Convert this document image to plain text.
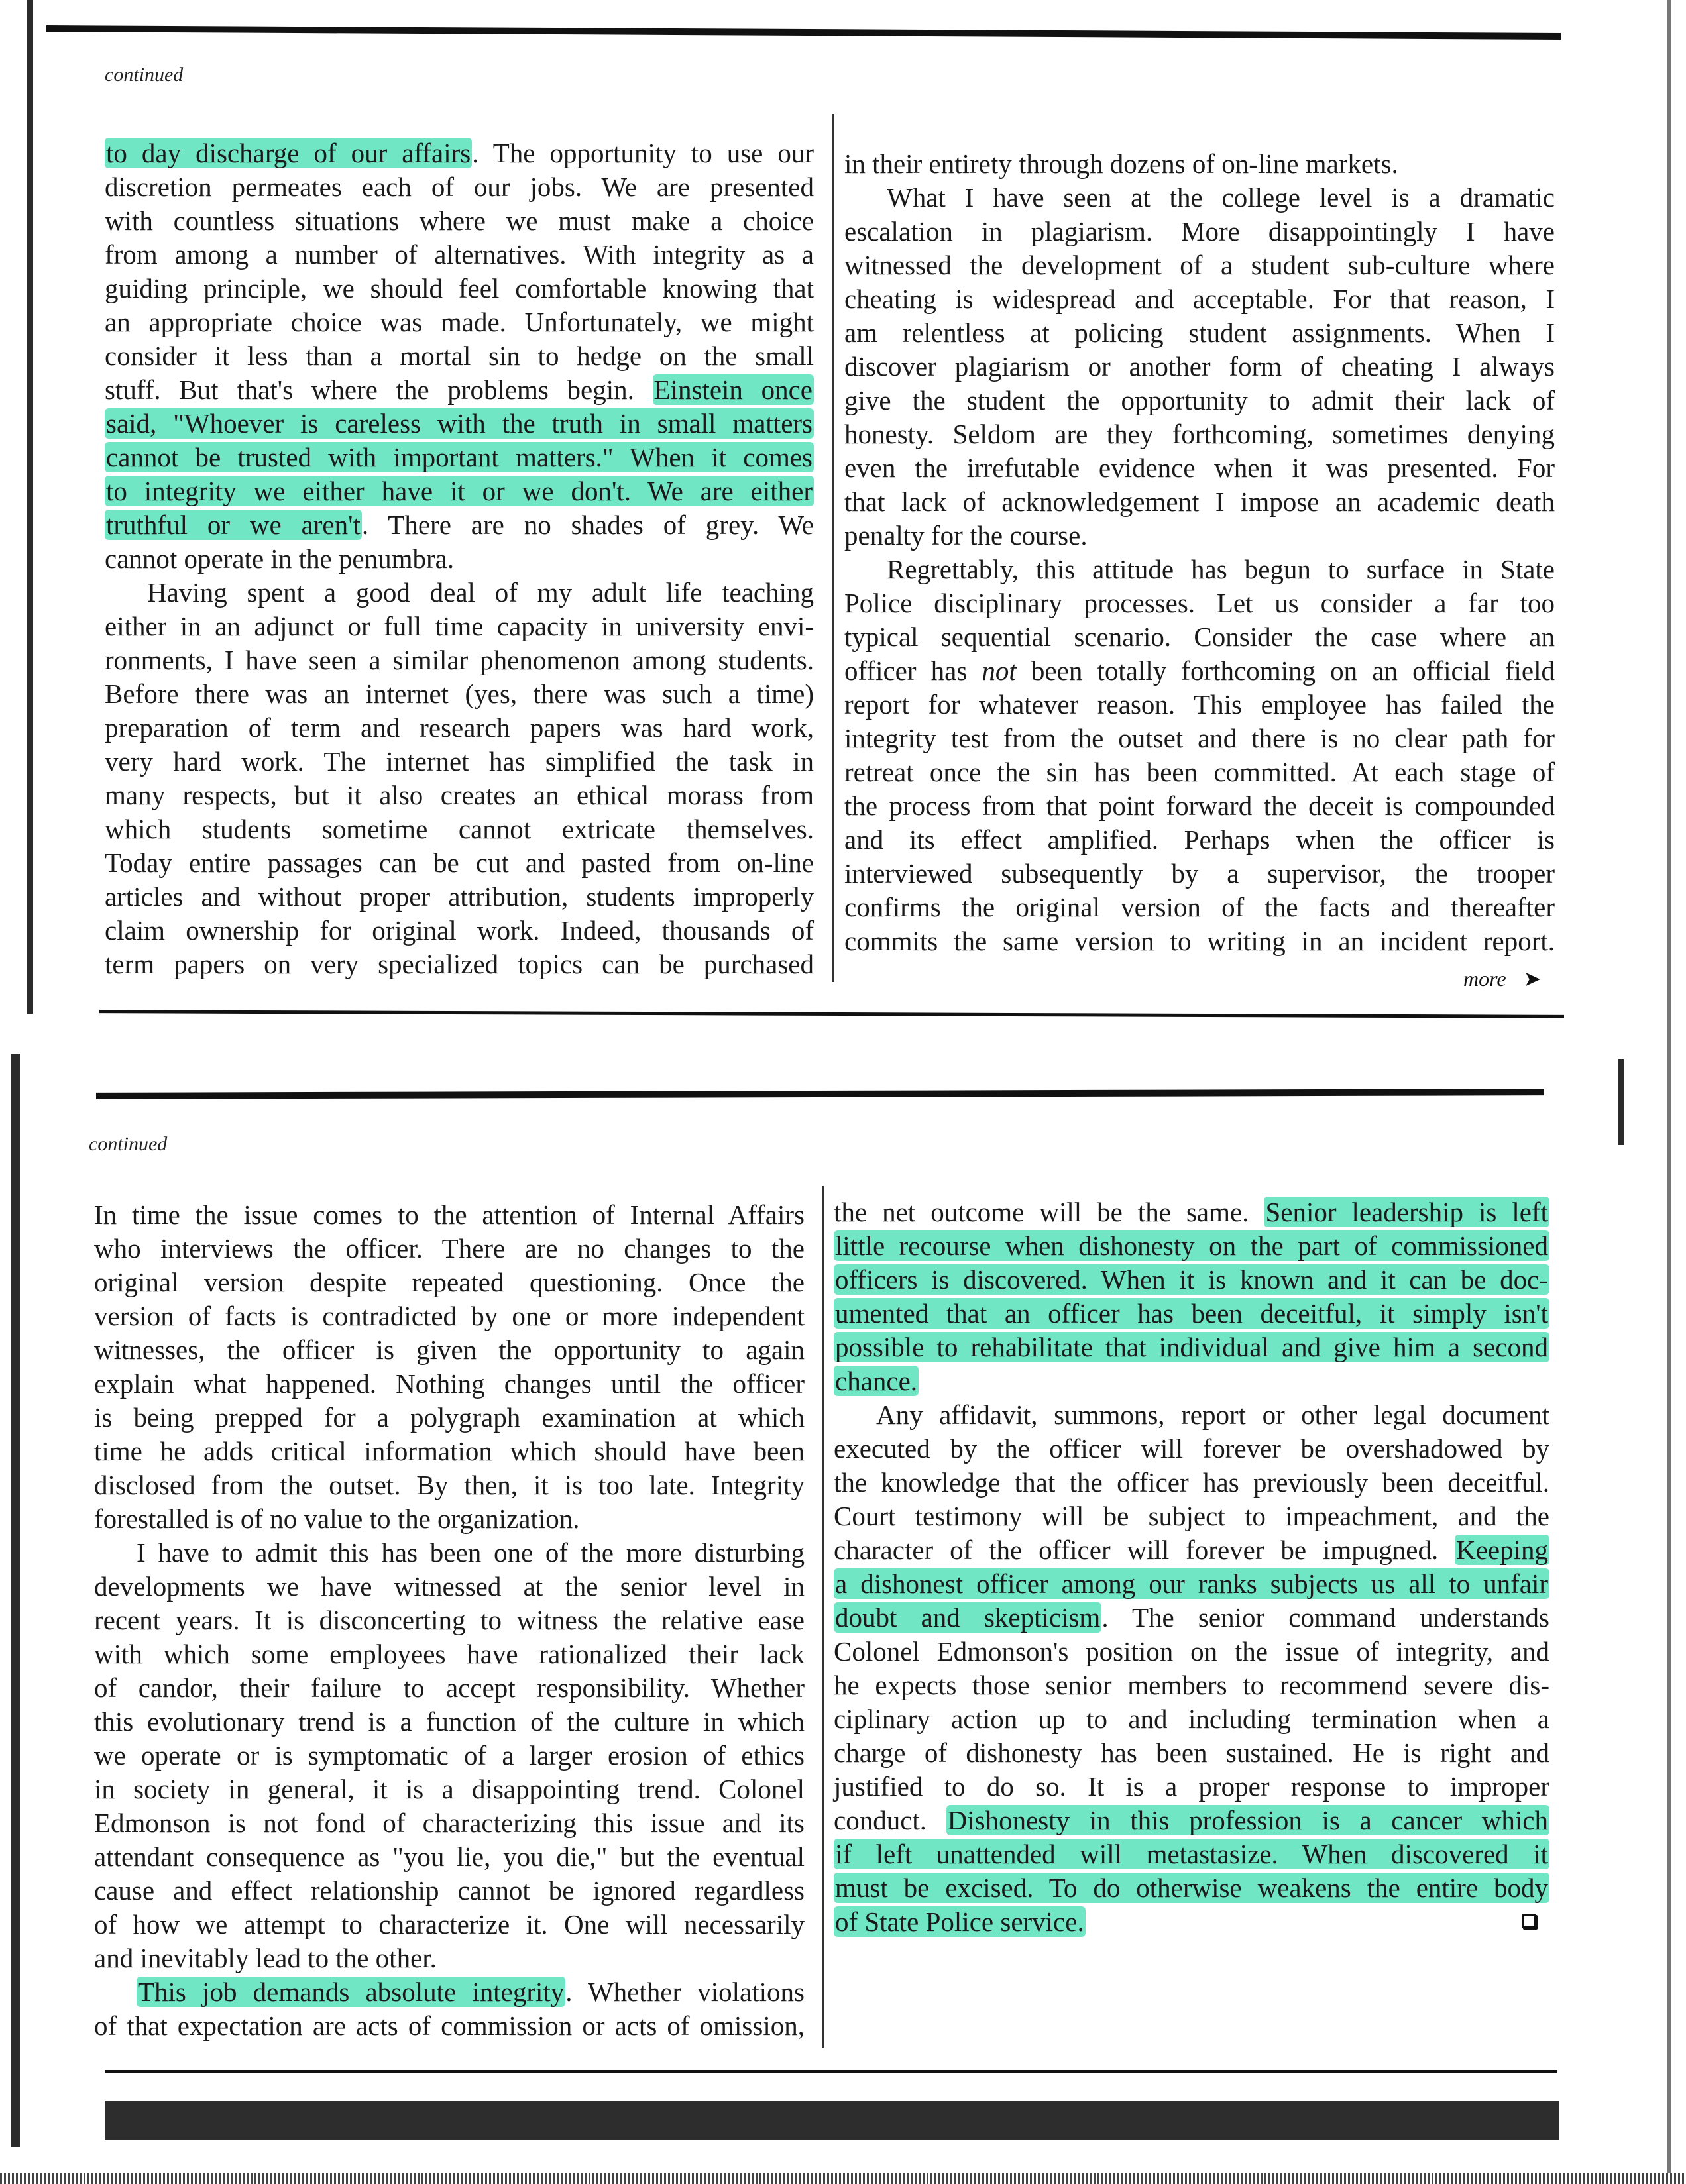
continued
to day discharge of our affairs. The opportunity to use our
discretion permeates each of our jobs. We are presented
with countless situations where we must make a choice
from among a number of alternatives. With integrity as a
guiding principle, we should feel comfortable knowing that
an appropriate choice was made. Unfortunately, we might
consider it less than a mortal sin to hedge on the small
stuff. But that's where the problems begin. Einstein once
said, "Whoever is careless with the truth in small matters
cannot be trusted with important matters." When it comes
to integrity we either have it or we don't. We are either
truthful or we aren't. There are no shades of grey. We
cannot operate in the penumbra.
Having spent a good deal of my adult life teaching
either in an adjunct or full time capacity in university envi-
ronments, I have seen a similar phenomenon among students.
Before there was an internet (yes, there was such a time)
preparation of term and research papers was hard work,
very hard work. The internet has simplified the task in
many respects, but it also creates an ethical morass from
which students sometime cannot extricate themselves.
Today entire passages can be cut and pasted from on-line
articles and without proper attribution, students improperly
claim ownership for original work. Indeed, thousands of
term papers on very specialized topics can be purchased
in their entirety through dozens of on-line markets.
What I have seen at the college level is a dramatic
escalation in plagiarism. More disappointingly I have
witnessed the development of a student sub-culture where
cheating is widespread and acceptable. For that reason, I
am relentless at policing student assignments. When I
discover plagiarism or another form of cheating I always
give the student the opportunity to admit their lack of
honesty. Seldom are they forthcoming, sometimes denying
even the irrefutable evidence when it was presented. For
that lack of acknowledgement I impose an academic death
penalty for the course.
Regrettably, this attitude has begun to surface in State
Police disciplinary processes. Let us consider a far too
typical sequential scenario. Consider the case where an
officer has not been totally forthcoming on an official field
report for whatever reason. This employee has failed the
integrity test from the outset and there is no clear path for
retreat once the sin has been committed. At each stage of
the process from that point forward the deceit is compounded
and its effect amplified. Perhaps when the officer is
interviewed subsequently by a supervisor, the trooper
confirms the original version of the facts and thereafter
commits the same version to writing in an incident report.
more ➤
continued
In time the issue comes to the attention of Internal Affairs
who interviews the officer. There are no changes to the
original version despite repeated questioning. Once the
version of facts is contradicted by one or more independent
witnesses, the officer is given the opportunity to again
explain what happened. Nothing changes until the officer
is being prepped for a polygraph examination at which
time he adds critical information which should have been
disclosed from the outset. By then, it is too late. Integrity
forestalled is of no value to the organization.
I have to admit this has been one of the more disturbing
developments we have witnessed at the senior level in
recent years. It is disconcerting to witness the relative ease
with which some employees have rationalized their lack
of candor, their failure to accept responsibility. Whether
this evolutionary trend is a function of the culture in which
we operate or is symptomatic of a larger erosion of ethics
in society in general, it is a disappointing trend. Colonel
Edmonson is not fond of characterizing this issue and its
attendant consequence as "you lie, you die," but the eventual
cause and effect relationship cannot be ignored regardless
of how we attempt to characterize it. One will necessarily
and inevitably lead to the other.
This job demands absolute integrity. Whether violations
of that expectation are acts of commission or acts of omission,
the net outcome will be the same. Senior leadership is left
little recourse when dishonesty on the part of commissioned
officers is discovered. When it is known and it can be doc-
umented that an officer has been deceitful, it simply isn't
possible to rehabilitate that individual and give him a second
chance.
Any affidavit, summons, report or other legal document
executed by the officer will forever be overshadowed by
the knowledge that the officer has previously been deceitful.
Court testimony will be subject to impeachment, and the
character of the officer will forever be impugned. Keeping
a dishonest officer among our ranks subjects us all to unfair
doubt and skepticism. The senior command understands
Colonel Edmonson's position on the issue of integrity, and
he expects those senior members to recommend severe dis-
ciplinary action up to and including termination when a
charge of dishonesty has been sustained. He is right and
justified to do so. It is a proper response to improper
conduct. Dishonesty in this profession is a cancer which
if left unattended will metastasize. When discovered it
must be excised. To do otherwise weakens the entire body
of State Police service.
